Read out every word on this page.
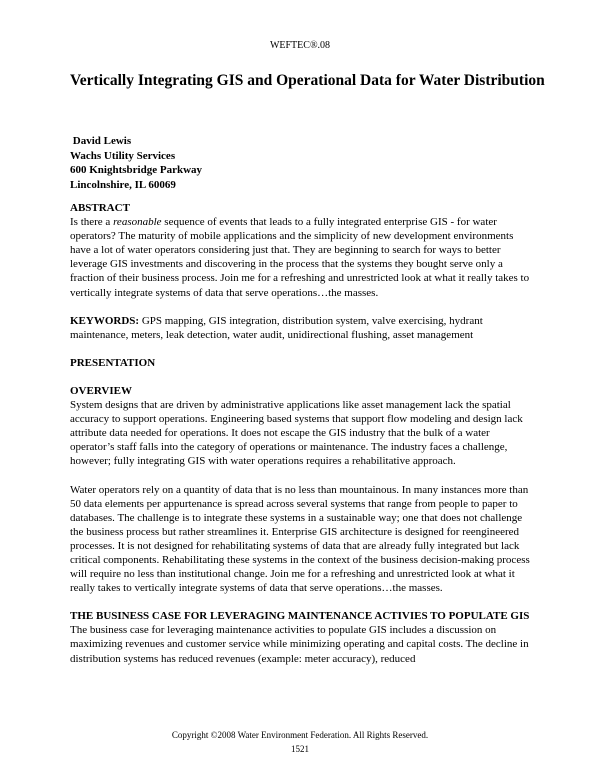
WEFTEC®.08
Vertically Integrating GIS and Operational Data for Water Distribution
David Lewis
Wachs Utility Services
600 Knightsbridge Parkway
Lincolnshire, IL 60069

ABSTRACT

Is there a reasonable sequence of events that leads to a fully integrated enterprise GIS - for water operators? The maturity of mobile applications and the simplicity of new development environments have a lot of water operators considering just that. They are beginning to search for ways to better leverage GIS investments and discovering in the process that the systems they bought serve only a fraction of their business process. Join me for a refreshing and unrestricted look at what it really takes to vertically integrate systems of data that serve operations…the masses.

KEYWORDS: GPS mapping, GIS integration, distribution system, valve exercising, hydrant maintenance, meters, leak detection, water audit, unidirectional flushing, asset management

PRESENTATION

OVERVIEW

System designs that are driven by administrative applications like asset management lack the spatial accuracy to support operations. Engineering based systems that support flow modeling and design lack attribute data needed for operations. It does not escape the GIS industry that the bulk of a water operator’s staff falls into the category of operations or maintenance. The industry faces a challenge, however; fully integrating GIS with water operations requires a rehabilitative approach.

Water operators rely on a quantity of data that is no less than mountainous. In many instances more than 50 data elements per appurtenance is spread across several systems that range from people to paper to databases. The challenge is to integrate these systems in a sustainable way; one that does not challenge the business process but rather streamlines it. Enterprise GIS architecture is designed for reengineered processes. It is not designed for rehabilitating systems of data that are already fully integrated but lack critical components. Rehabilitating these systems in the context of the business decision-making process will require no less than institutional change. Join me for a refreshing and unrestricted look at what it really takes to vertically integrate systems of data that serve operations…the masses.

THE BUSINESS CASE FOR LEVERAGING MAINTENANCE ACTIVIES TO POPULATE GIS

The business case for leveraging maintenance activities to populate GIS includes a discussion on maximizing revenues and customer service while minimizing operating and capital costs. The decline in distribution systems has reduced revenues (example: meter accuracy), reduced

Copyright ©2008 Water Environment Federation. All Rights Reserved.
1521
